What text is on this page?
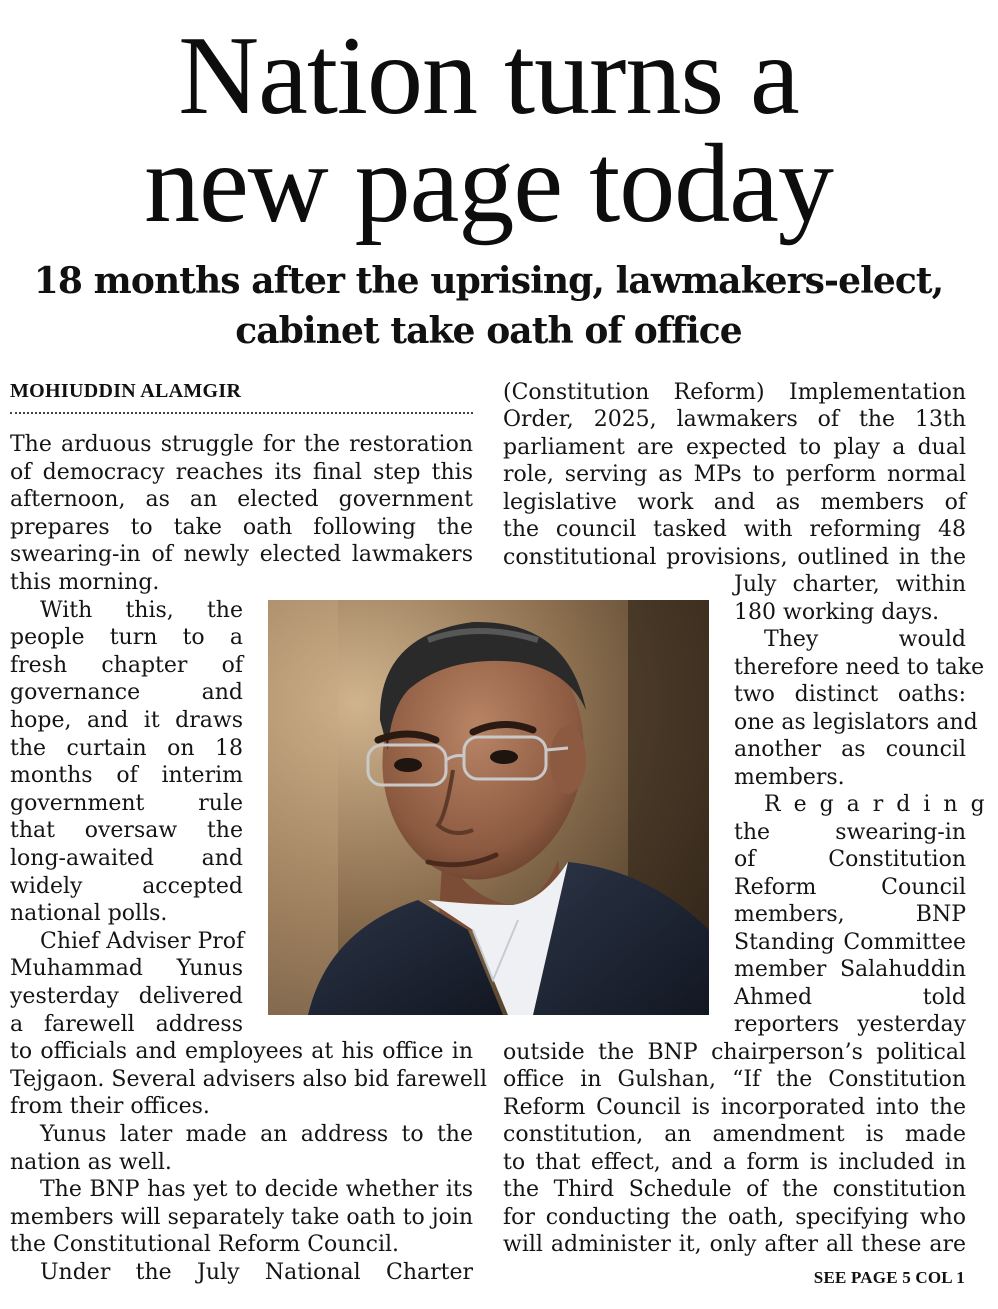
Nation turns a
new page today
18 months after the uprising, lawmakers-elect,
cabinet take oath of office
MOHIUDDIN ALAMGIR
The arduous struggle for the restoration
of democracy reaches its final step this
afternoon, as an elected government
prepares to take oath following the
swearing-in of newly elected lawmakers
this morning.
With this, the
people turn to a
fresh chapter of
governance and
hope, and it draws
the curtain on 18
months of interim
government rule
that oversaw the
long-awaited and
widely accepted
national polls.
Chief Adviser Prof
Muhammad Yunus
yesterday delivered
a farewell address
to officials and employees at his office in
Tejgaon. Several advisers also bid farewell
from their offices.
Yunus later made an address to the
nation as well.
The BNP has yet to decide whether its
members will separately take oath to join
the Constitutional Reform Council.
Under the July National Charter
(Constitution Reform) Implementation
Order, 2025, lawmakers of the 13th
parliament are expected to play a dual
role, serving as MPs to perform normal
legislative work and as members of
the council tasked with reforming 48
constitutional provisions, outlined in the
July charter, within
180 working days.
They would
therefore need to take
two distinct oaths:
one as legislators and
another as council
members.
Regarding
the swearing-in
of Constitution
Reform Council
members, BNP
Standing Committee
member Salahuddin
Ahmed told
reporters yesterday
outside the BNP chairperson’s political
office in Gulshan, “If the Constitution
Reform Council is incorporated into the
constitution, an amendment is made
to that effect, and a form is included in
the Third Schedule of the constitution
for conducting the oath, specifying who
will administer it, only after all these are
SEE PAGE 5 COL 1
